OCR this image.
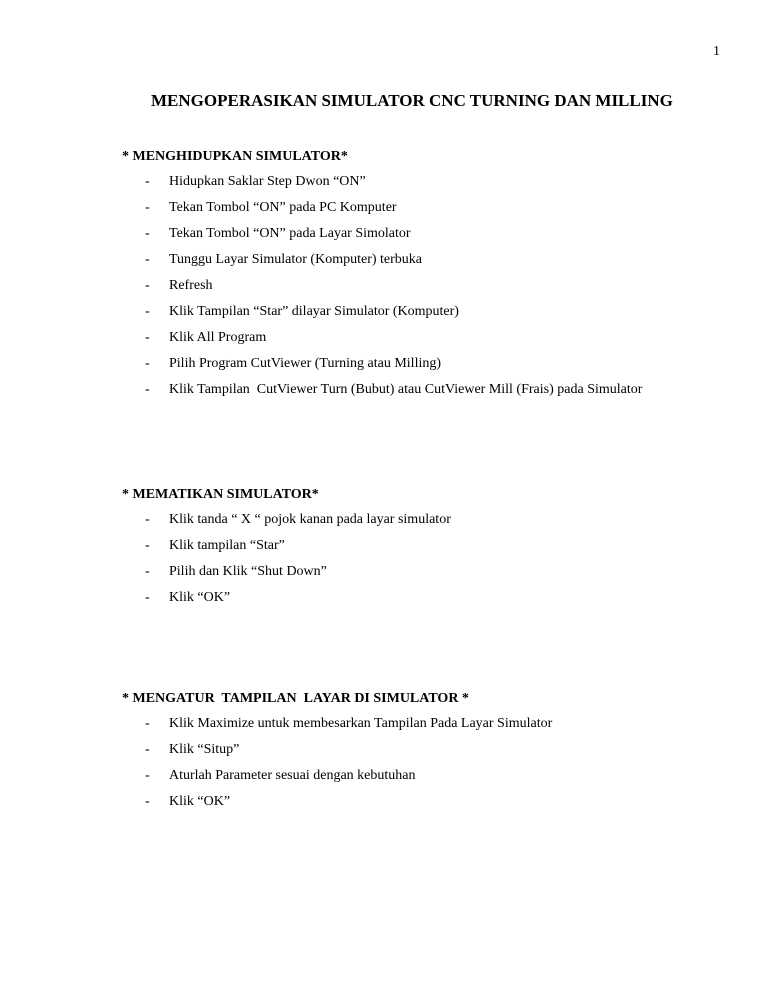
1
MENGOPERASIKAN SIMULATOR CNC TURNING DAN MILLING
* MENGHIDUPKAN SIMULATOR*
-	Hidupkan Saklar Step Dwon “ON”
-	Tekan Tombol “ON” pada PC Komputer
-	Tekan Tombol “ON” pada Layar Simolator
-	Tunggu Layar Simulator (Komputer) terbuka
-	Refresh
-	Klik Tampilan “Star” dilayar Simulator (Komputer)
-	Klik All Program
-	Pilih Program CutViewer (Turning atau Milling)
-	Klik Tampilan  CutViewer Turn (Bubut) atau CutViewer Mill (Frais) pada Simulator
* MEMATIKAN SIMULATOR*
-	Klik tanda “ X “ pojok kanan pada layar simulator
-	Klik tampilan “Star”
-	Pilih dan Klik “Shut Down”
-	Klik “OK”
* MENGATUR  TAMPILAN  LAYAR DI SIMULATOR *
-	Klik Maximize untuk membesarkan Tampilan Pada Layar Simulator
-	Klik “Situp”
-	Aturlah Parameter sesuai dengan kebutuhan
-	Klik “OK”
